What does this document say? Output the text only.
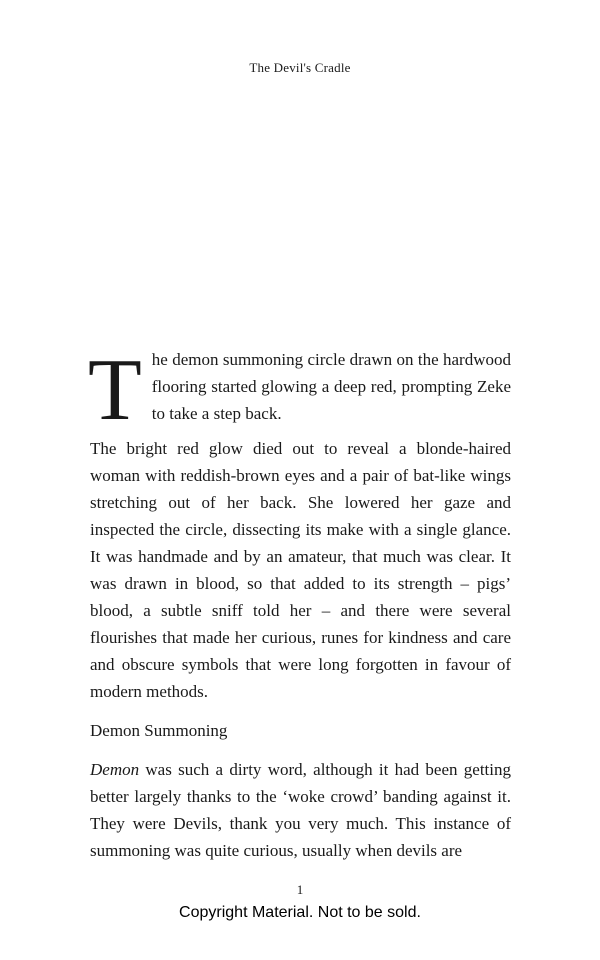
The Devil's Cradle

The demon summoning circle drawn on the hardwood flooring started glowing a deep red, prompting Zeke to take a step back.

The bright red glow died out to reveal a blonde-haired woman with reddish-brown eyes and a pair of bat-like wings stretching out of her back. She lowered her gaze and inspected the circle, dissecting its make with a single glance. It was handmade and by an amateur, that much was clear. It was drawn in blood, so that added to its strength – pigs’ blood, a subtle sniff told her – and there were several flourishes that made her curious, runes for kindness and care and obscure symbols that were long forgotten in favour of modern methods.

Demon Summoning

Demon was such a dirty word, although it had been getting better largely thanks to the ‘woke crowd’ banding against it. They were Devils, thank you very much. This instance of summoning was quite curious, usually when devils are

1
Copyright Material. Not to be sold.
